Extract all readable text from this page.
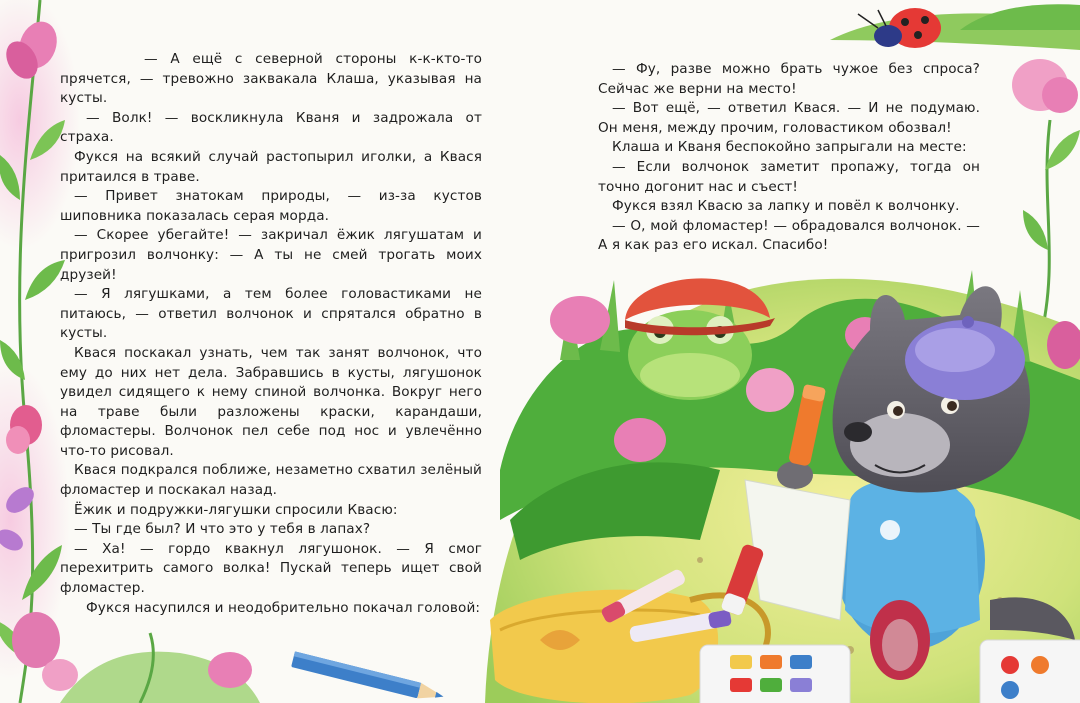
— А ещё с северной стороны к-к-кто-то прячется, — тревожно заквакала Клаша, указывая на кусты.

— Волк! — воскликнула Кваня и задрожала от страха.

Фукся на всякий случай растопырил иголки, а Квася притаился в траве.

— Привет знатокам природы, — из-за кустов шиповника показалась серая морда.

— Скорее убегайте! — закричал ёжик лягушатам и пригрозил волчонку: — А ты не смей трогать моих друзей!

— Я лягушками, а тем более головастиками не питаюсь, — ответил волчонок и спрятался обратно в кусты.

Квася поскакал узнать, чем так занят волчонок, что ему до них нет дела. Забравшись в кусты, лягушонок увидел сидящего к нему спиной волчонка. Вокруг него на траве были разложены краски, карандаши, фломастеры. Волчонок пел себе под нос и увлечённо что-то рисовал.

Квася подкрался поближе, незаметно схватил зелёный фломастер и поскакал назад.

Ёжик и подружки-лягушки спросили Квасю:

— Ты где был? И что это у тебя в лапах?

— Ха! — гордо квакнул лягушонок. — Я смог перехитрить самого волка! Пускай теперь ищет свой фломастер.

Фукся насупился и неодобрительно покачал головой:

— Фу, разве можно брать чужое без спроса? Сейчас же верни на место!

— Вот ещё, — ответил Квася. — И не подумаю. Он меня, между прочим, головастиком обозвал!

Клаша и Кваня беспокойно запрыгали на месте:

— Если волчонок заметит пропажу, тогда он точно догонит нас и съест!

Фукся взял Квасю за лапку и повёл к волчонку.

— О, мой фломастер! — обрадовался волчонок. — А я как раз его искал. Спасибо!
